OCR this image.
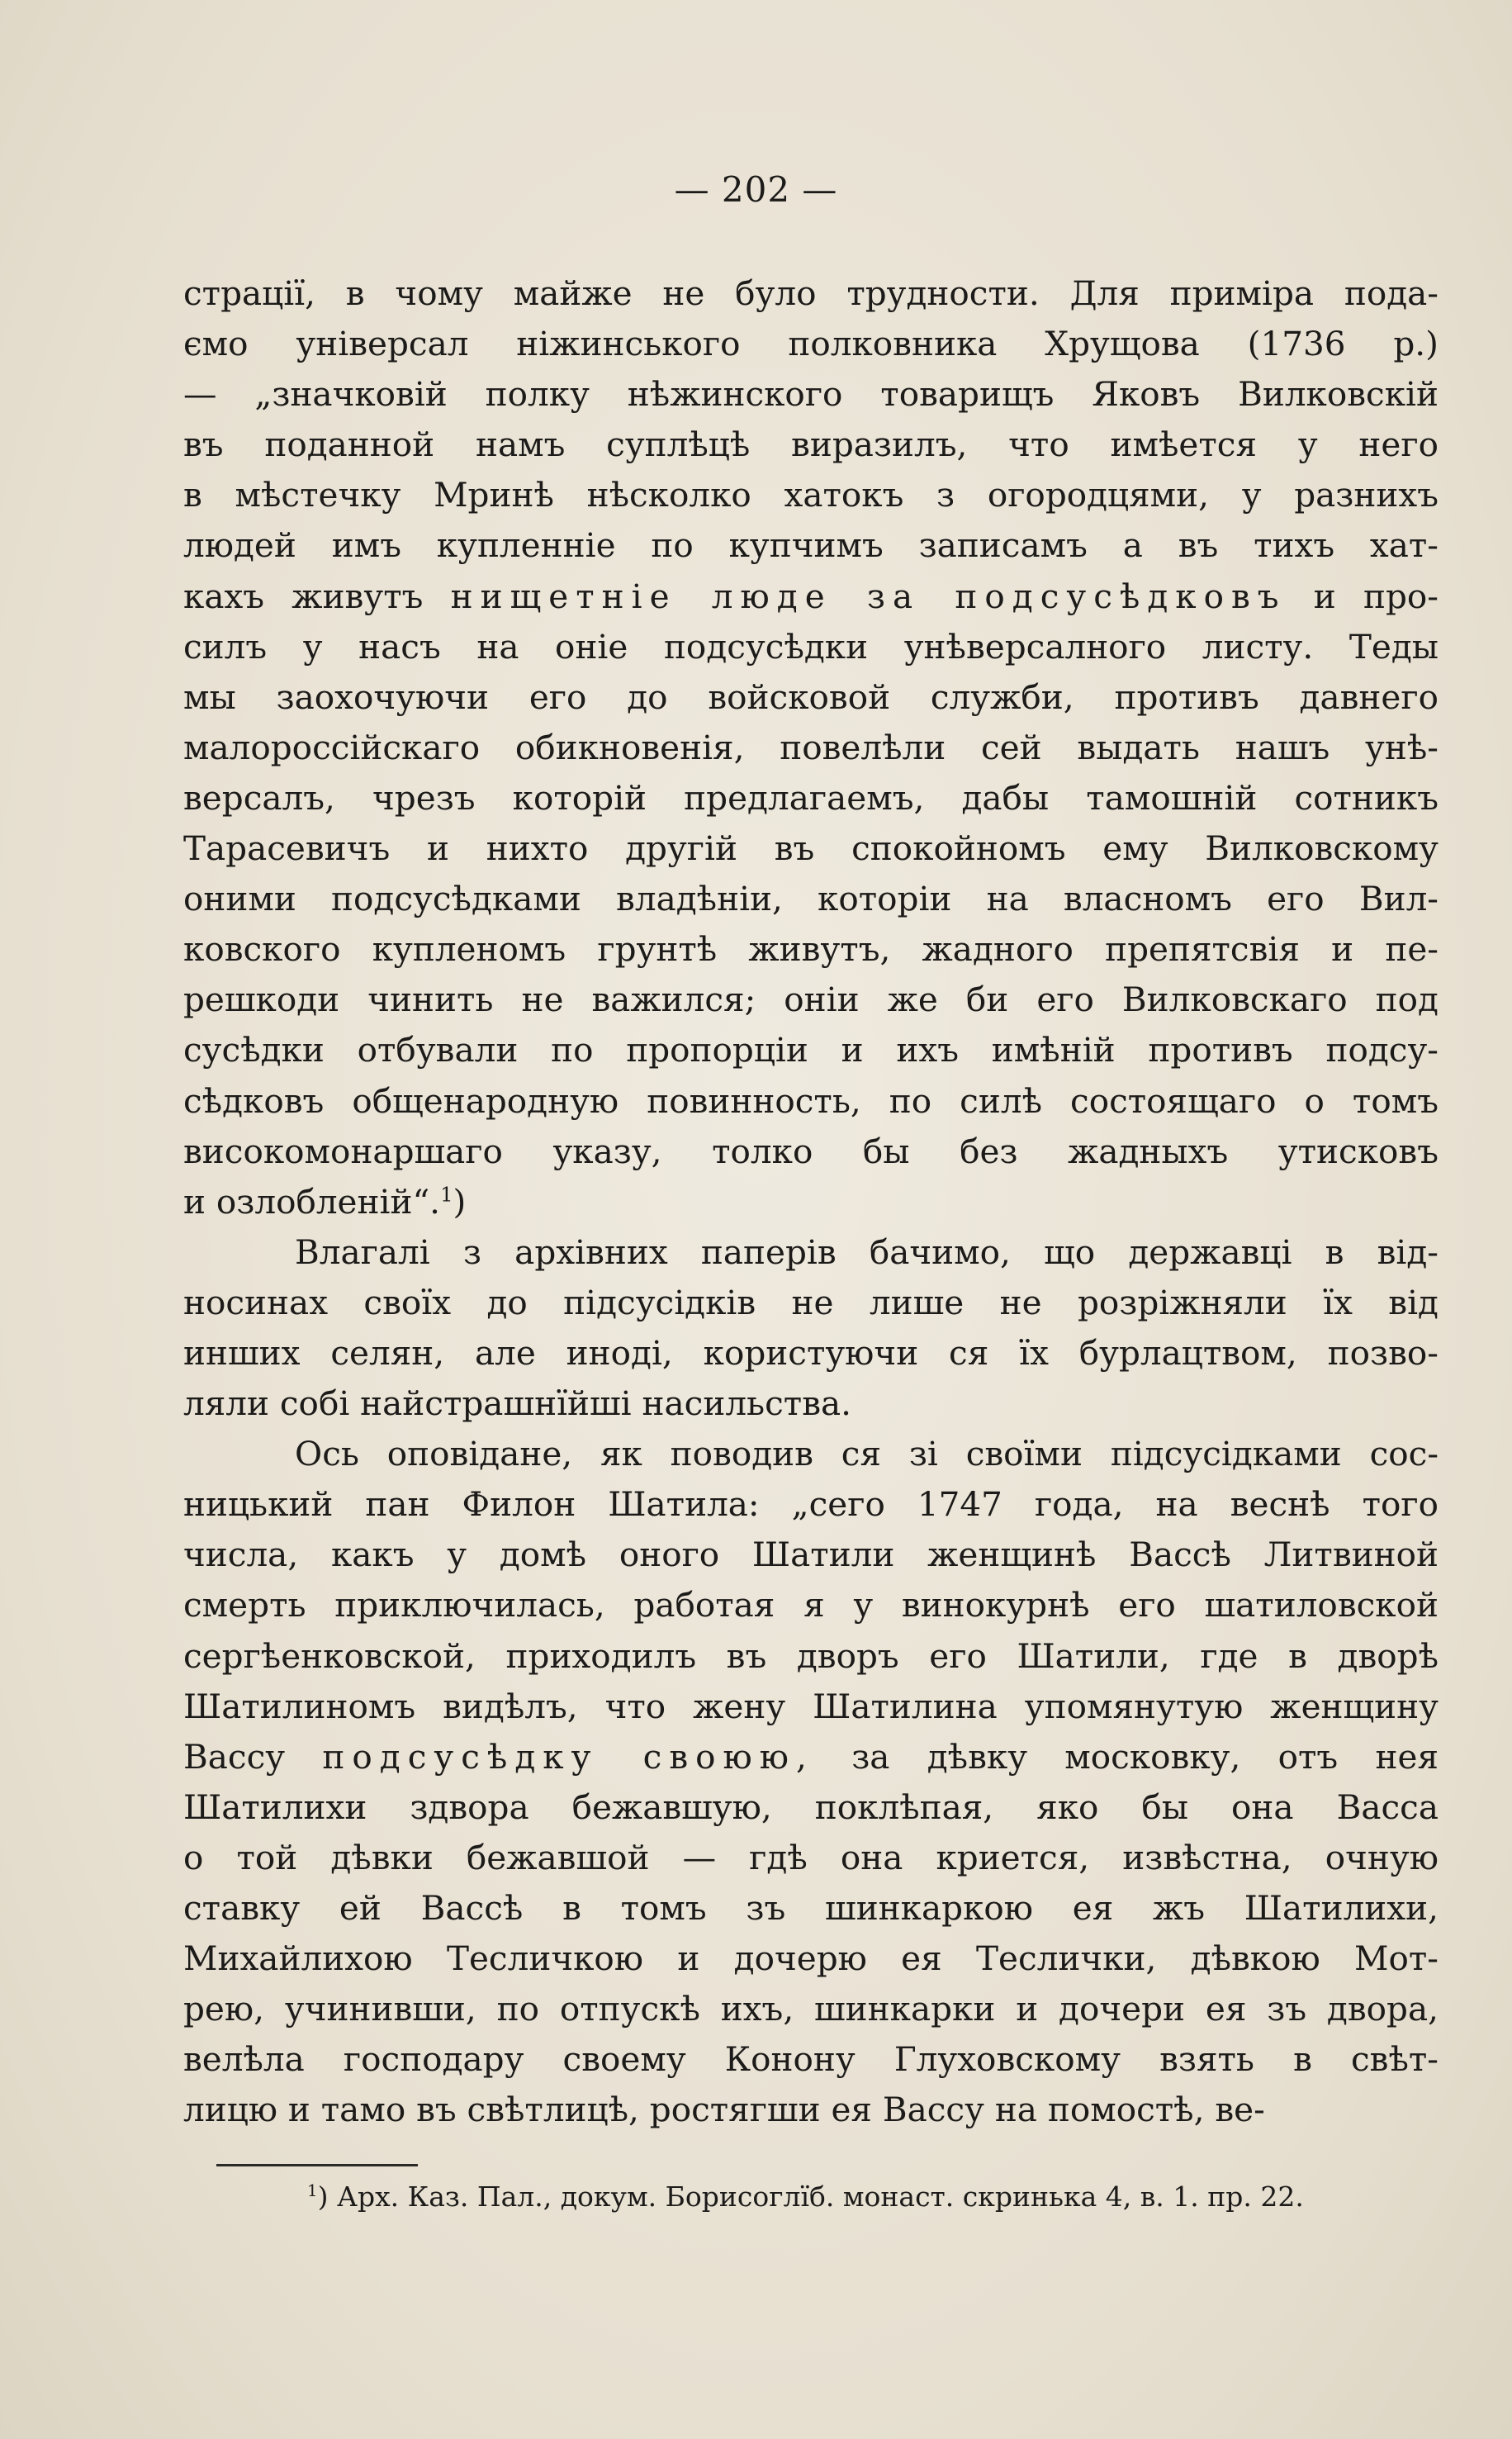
— 202 —
страції, в чому майже не було трудности. Для приміра пода-
ємо універсал ніжинського полковника Хрущова (1736 р.)
— „значковій полку нѣжинского товарищъ Яковъ Вилковскій
въ поданной намъ суплѣцѣ виразилъ, что имѣется у него
в мѣстечку Мринѣ нѣсколко хатокъ з огородцями, у разнихъ
людей имъ купленніе по купчимъ записамъ а въ тихъ хат-
кахъ живутъ нищетніе люде за подсусѣдковъ и про-
силъ у насъ на оніе подсусѣдки унѣверсалного листу. Теды
мы заохочуючи его до войсковой служби, противъ давнего
малороссійскаго обикновенія, повелѣли сей выдать нашъ унѣ-
версалъ, чрезъ которій предлагаемъ, дабы тамошній сотникъ
Тарасевичъ и нихто другій въ спокойномъ ему Вилковскому
оними подсусѣдками владѣніи, которіи на власномъ его Вил-
ковского купленомъ грунтѣ живутъ, жадного препятсвія и пе-
решкоди чинить не важился; оніи же би его Вилковскаго под
сусѣдки отбували по пропорціи и ихъ имѣній противъ подсу-
сѣдковъ общенародную повинность, по силѣ состоящаго о томъ
високомонаршаго указу, толко бы без жадныхъ утисковъ
и озлобленій“.$^1$)
Влагалі з архівних паперів бачимо, що державці в від-
носинах своїх до підсусідків не лише не розріжняли їх від
инших селян, але иноді, користуючи ся їх бурлацтвом, позво-
ляли собі найстрашнїйші насильства.
Ось оповідане, як поводив ся зі своїми підсусідками сос-
ницький пан Филон Шатила: „сего 1747 года, на веснѣ того
числа, какъ у домѣ оного Шатили женщинѣ Вассѣ Литвиной
смерть приключилась, работая я у винокурнѣ его шатиловской
сергѣенковской, приходилъ въ дворъ его Шатили, где в дворѣ
Шатилиномъ видѣлъ, что жену Шатилина упомянутую женщину
Вассу подсусѣдку своюю, за дѣвку московку, отъ нея
Шатилихи здвора бежавшую, поклѣпая, яко бы она Васса
о той дѣвки бежавшой — гдѣ она криется, извѣстна, очную
ставку ей Вассѣ в томъ зъ шинкаркою ея жъ Шатилихи,
Михайлихою Тесличкою и дочерю ея Теслички, дѣвкою Мот-
рею, учинивши, по отпускѣ ихъ, шинкарки и дочери ея зъ двора,
велѣла господару своему Конону Глуховскому взять в свѣт-
лицю и тамо въ свѣтлицѣ, ростягши ея Вассу на помостѣ, ве-
$^1$) Арх. Каз. Пал., докум. Борисоглїб. монаст. скринька 4, в. 1. пр. 22.
